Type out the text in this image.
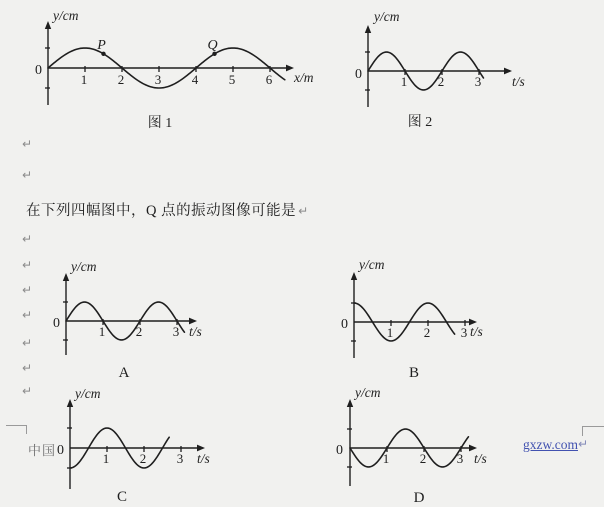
1 2 3 4 5 6
0
y/cm
x/m
图 1
P	Q
1 2 3
0
y/cm
t/s
图 2
1 2 3
0
y/cm
t/s
A
1 2 3
0
y/cm
t/s
B
1 2 3
0
y/cm
t/s
C
1 2 3
0
y/cm
t/s
D
↵
↵
↵
↵
↵
↵
↵
↵
↵
在下列四幅图中，Q 点的振动图像可能是 ↵
中国	gxzw.com ↵
